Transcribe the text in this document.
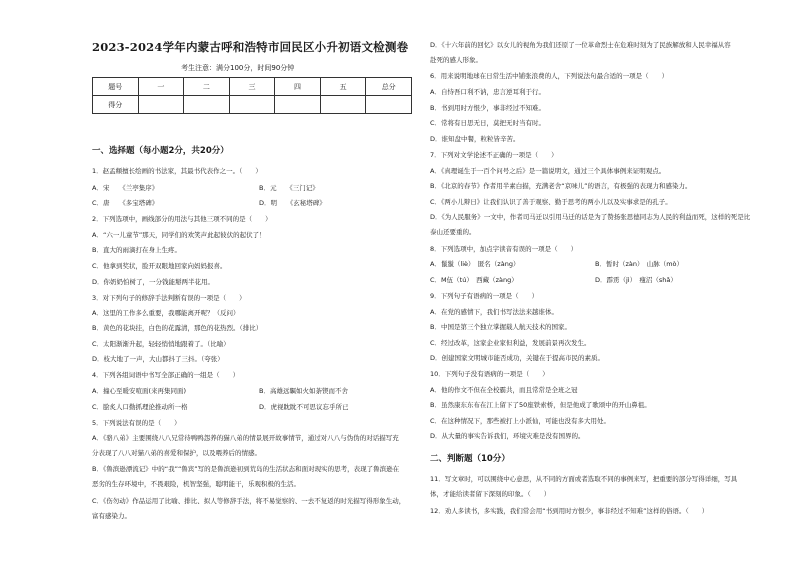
2023-2024学年内蒙古呼和浩特市回民区小升初语文检测卷
考生注意：满分100分，时间90分钟
题号	一	二	三	四	五	总分
得分						
一、选择题（每小题2分，共20分）
1．赵孟頫擅长绘画的书法家，其最书代表作之一。（　　）
A．宋　　《兰亭集序》	B．元　　《三门记》
C．唐　　《多宝塔碑》	D．明　　《玄秘塔碑》
2．下列选项中，画线部分的用法与其他三项不同的是（　　）
A．“六一儿童节”那天，同学们的欢笑声此起彼伏的起伏了！
B．直大的雨滴打在身上生疼。
C．他拿到奖状，脸开双眼地回家向妈妈报喜。
D．你奶奶怕树了，一分钱能掰两半花用。
3．对下列句子的修辞手法判断有误的一项是（　　）
A．这里的工作多么重要，我哪能离开呢？（反问）
B．黄色的花块挂，白色的花露清，那色的花热烈。（排比）
C．太阳渐渐升起，轻轻悄悄地跟着了。（比喻）
D．枝大地了一声，大山都抖了三抖。（夸张）
4．下列各组词语中书写全部正确的一组是（　　）
A．撞心至暖安喧面(来再集同面)	B．高雄远瞩如火如荼锲而不舍
C．脍炙人口勤抓理论推动所一格	D．虎视眈眈不可思议忘乎所已
5．下列说法有误的是（　　）
A．《骆八弟》主要围绕八八兄常待鸭鸭怨养的猫八弟的情景展开故事情节，通过对八八与伪伪的对话描写充
分表现了八八对猫八弟的喜爱和保护，以及喂养后的情感。
B．《鲁滨逊漂流记》中的“我”“鲁宾”写的是鲁滨逊初到荒岛的生活状态和面对现实的思考，表现了鲁滨逊在
恶劣的生存环境中，不畏艰险，机智坚强，聪明能干，乐观积极的生活。
C．《伤勿动》作品运用了比喻、排比、拟人等修辞手法，将不易觉察的、一去不复返的时光描写得形象生动，
富有感染力。
D．《十六年前的回忆》以女儿的视角为我们还原了一位革命烈士在危难时刻为了民族解放和人民幸福从容
赴死的感人形象。
6．用来说明地球在日常生活中铺张浪费的人，下列说法句最合适的一项是（　　）
A．自恃吾口利不讷，忠言逆耳利于行。
B．书到用时方恨少，事非经过不知难。
C．常将有日思无日，莫把无时当有时。
D．谁知盘中餐，粒粒皆辛苦。
7．下列对文学论述不正确的一项是（　　）
A．《真理诞生于一百个问号之后》是一篇说明文，通过三个具体事例来证明观点。
B．《北京的春节》作者用半素白描，充满老舍“京味儿”的语言，有极强的表现力和感染力。
C．《两小儿辩日》让我们认识了善于观察、勤于思考的两小儿以及实事求是的孔子。
D．《为人民服务》一文中，作者司马迁以引用马迁的话是为了赞扬张思德同志为人民的利益而死，这样的死是比
泰山还要重的。
8．下列选项中，加点字读音有误的一项是（　　）
A．鬣鬣（liè）　匿名（zàng）	B．暂时（zàn）　山脉（mò）
C．M伍（tú）　西藏（zàng）	D．霹雳（jì）　瘦沼（shǎ）
9．下列句子有语病的一项是（　　）
A．在党的感情下，我们书写法法来越谁体。
B．中国是第三个独立掌握载人航天技术的国家。
C．经过改革，这家企业家但利益，发展前景再次发生。
D．创建国家文明城市能否成功，关键在于提高市民的素质。
10．下列句子没有语病的一项是（　　）
A．他的作文不但在全校霸共，而且常常是全班之冠
B．虽然康东东布在江上留下了50座铁索桥，但是他成了歌颂中的开山鼻祖。
C．在这种情况下，那些被打上小派仙，可能也没有多大用处。
D．从大量的事实告诉我们，环境灾难是没有国界的。
二、判断题（10分）
11．写文章时，可以围绕中心意思，从不同的方面或者选取不同的事例来写，把重要的部分写得详细，写具
体，才能给读者留下深刻的印象。（　　）
12．劝人多读书，多实践，我们常会用“书到用时方恨少，事非经过不知难”这样的俗语。（　　）
